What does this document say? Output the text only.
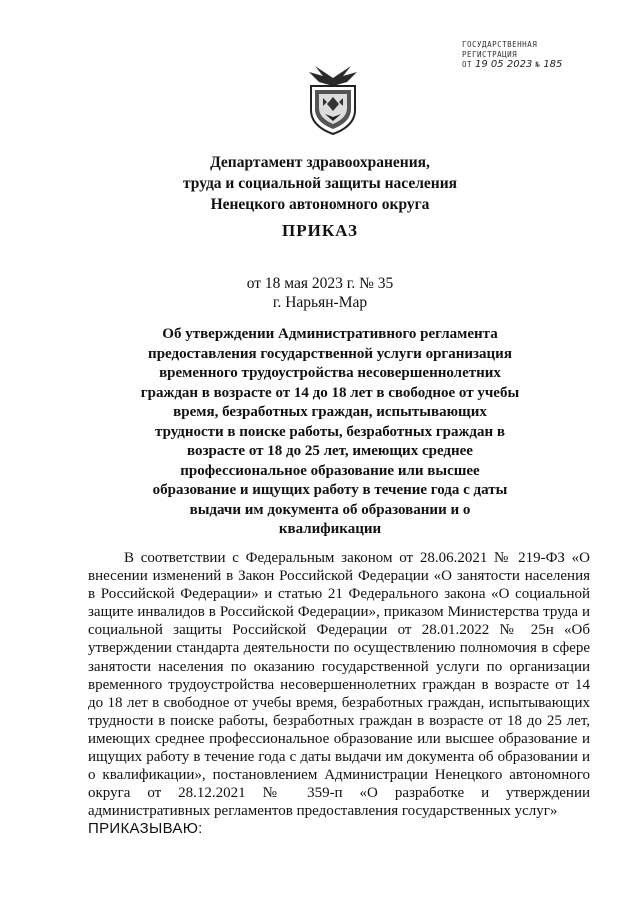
ГОСУДАРСТВЕННАЯ
РЕГИСТРАЦИЯ
ОТ 19 05 2023 № 185
Департамент здравоохранения,
труда и социальной защиты населения
Ненецкого автономного округа
ПРИКАЗ
от 18 мая 2023 г. № 35
г. Нарьян-Мар
Об утверждении Административного регламента предоставления государственной услуги организация временного трудоустройства несовершеннолетних граждан в возрасте от 14 до 18 лет в свободное от учебы время, безработных граждан, испытывающих трудности в поиске работы, безработных граждан в возрасте от 18 до 25 лет, имеющих среднее профессиональное образование или высшее образование и ищущих работу в течение года с даты выдачи им документа об образовании и о квалификации
В соответствии с Федеральным законом от 28.06.2021 № 219-ФЗ «О внесении изменений в Закон Российской Федерации «О занятости населения в Российской Федерации» и статью 21 Федерального закона «О социальной защите инвалидов в Российской Федерации», приказом Министерства труда и социальной защиты Российской Федерации от 28.01.2022 № 25н «Об утверждении стандарта деятельности по осуществлению полномочия в сфере занятости населения по оказанию государственной услуги по организации временного трудоустройства несовершеннолетних граждан в возрасте от 14 до 18 лет в свободное от учебы время, безработных граждан, испытывающих трудности в поиске работы, безработных граждан в возрасте от 18 до 25 лет, имеющих среднее профессиональное образование или высшее образование и ищущих работу в течение года с даты выдачи им документа об образовании и о квалификации», постановлением Администрации Ненецкого автономного округа от 28.12.2021 № 359-п «О разработке и утверждении административных регламентов предоставления государственных услуг»
ПРИКАЗЫВАЮ:
